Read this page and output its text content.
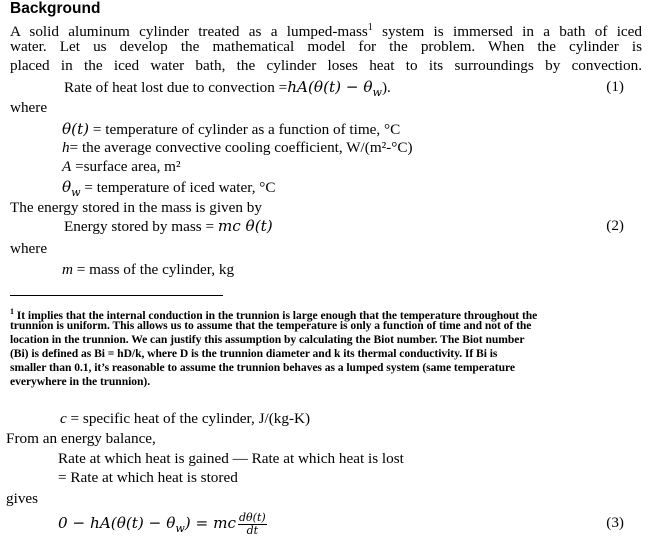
Background
A solid aluminum cylinder treated as a lumped-mass$^1$ system is immersed in a bath of iced
water. Let us develop the mathematical model for the problem. When the cylinder is
placed in the iced water bath, the cylinder loses heat to its surroundings by convection.
Rate of heat lost due to convection $=hA(\theta(t) - \theta_w)$.	(1)
where
θ(t) = temperature of cylinder as a function of time, °C
h= the average convective cooling coefficient, W/(m²-°C)
A =surface area, m²
$\theta_w$ = temperature of iced water, °C
The energy stored in the mass is given by
Energy stored by mass = mc θ(t)	(2)
where
m = mass of the cylinder, kg
$^1$ It implies that the internal conduction in the trunnion is large enough that the temperature throughout the
trunnion is uniform. This allows us to assume that the temperature is only a function of time and not of the
location in the trunnion. We can justify this assumption by calculating the Biot number. The Biot number
(Bi) is defined as Bi = hD/k, where D is the trunnion diameter and k its thermal conductivity. If Bi is
smaller than 0.1, it’s reasonable to assume the trunnion behaves as a lumped system (same temperature
everywhere in the trunnion).
c = specific heat of the cylinder, J/(kg-K)
From an energy balance,
Rate at which heat is gained — Rate at which heat is lost
= Rate at which heat is stored
gives
$0 - hA(\theta(t) - \theta_w)$ = mc $\frac{d\theta(t)}{dt}$	(3)
